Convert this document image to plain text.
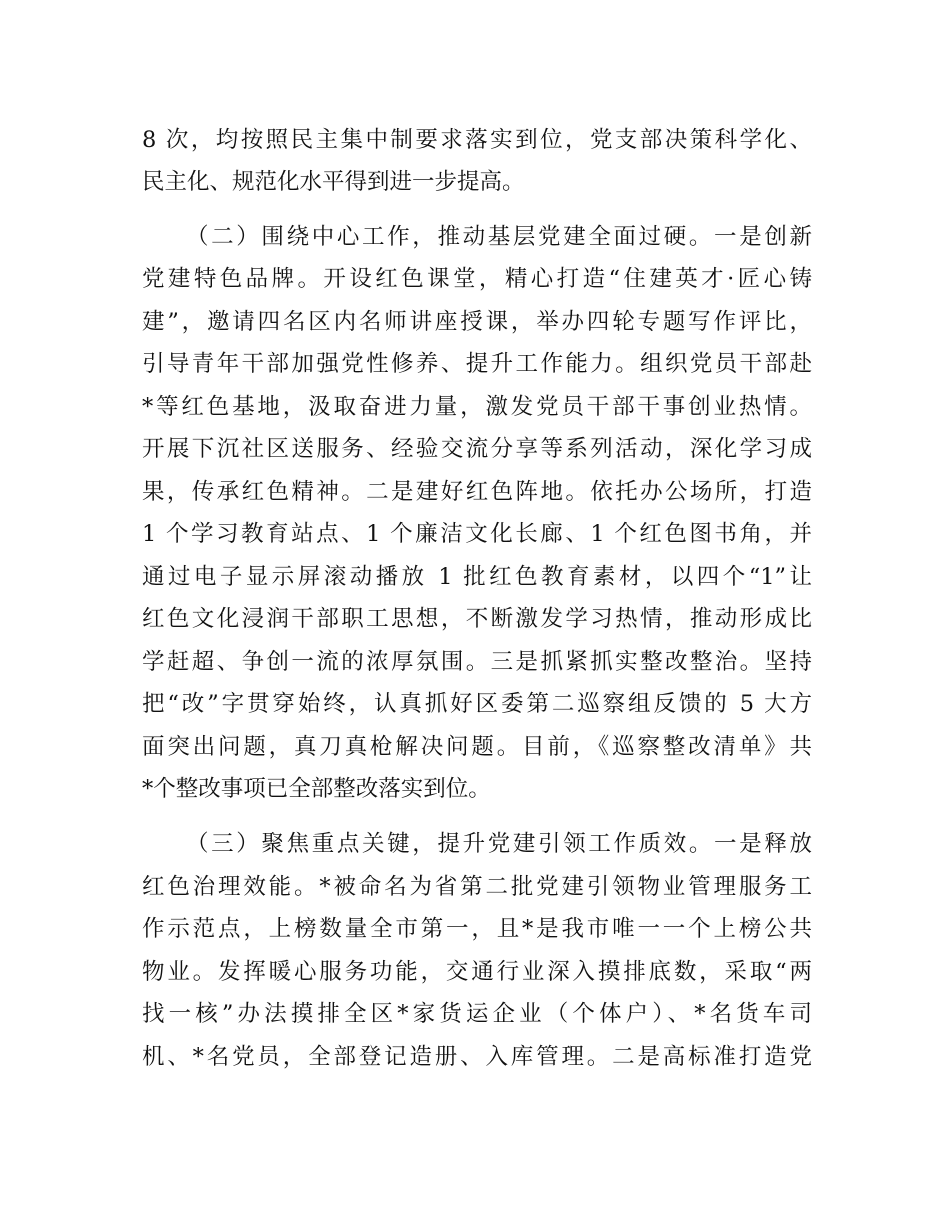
8 次，均按照民主集中制要求落实到位，党支部决策科学化、
民主化、规范化水平得到进一步提高。
（二）围绕中心工作，推动基层党建全面过硬。一是创新
党建特色品牌。开设红色课堂，精心打造“住建英才·匠心铸
建”，邀请四名区内名师讲座授课，举办四轮专题写作评比，
引导青年干部加强党性修养、提升工作能力。组织党员干部赴
*等红色基地，汲取奋进力量，激发党员干部干事创业热情。
开展下沉社区送服务、经验交流分享等系列活动，深化学习成
果，传承红色精神。二是建好红色阵地。依托办公场所，打造
1 个学习教育站点、1 个廉洁文化长廊、1 个红色图书角，并
通过电子显示屏滚动播放 1 批红色教育素材，以四个“1”让
红色文化浸润干部职工思想，不断激发学习热情，推动形成比
学赶超、争创一流的浓厚氛围。三是抓紧抓实整改整治。坚持
把“改”字贯穿始终，认真抓好区委第二巡察组反馈的 5 大方
面突出问题，真刀真枪解决问题。目前，《巡察整改清单》共
*个整改事项已全部整改落实到位。
（三）聚焦重点关键，提升党建引领工作质效。一是释放
红色治理效能。*被命名为省第二批党建引领物业管理服务工
作示范点，上榜数量全市第一，且*是我市唯一一个上榜公共
物业。发挥暖心服务功能，交通行业深入摸排底数，采取“两
找一核”办法摸排全区*家货运企业（个体户）、*名货车司
机、*名党员，全部登记造册、入库管理。二是高标准打造党
